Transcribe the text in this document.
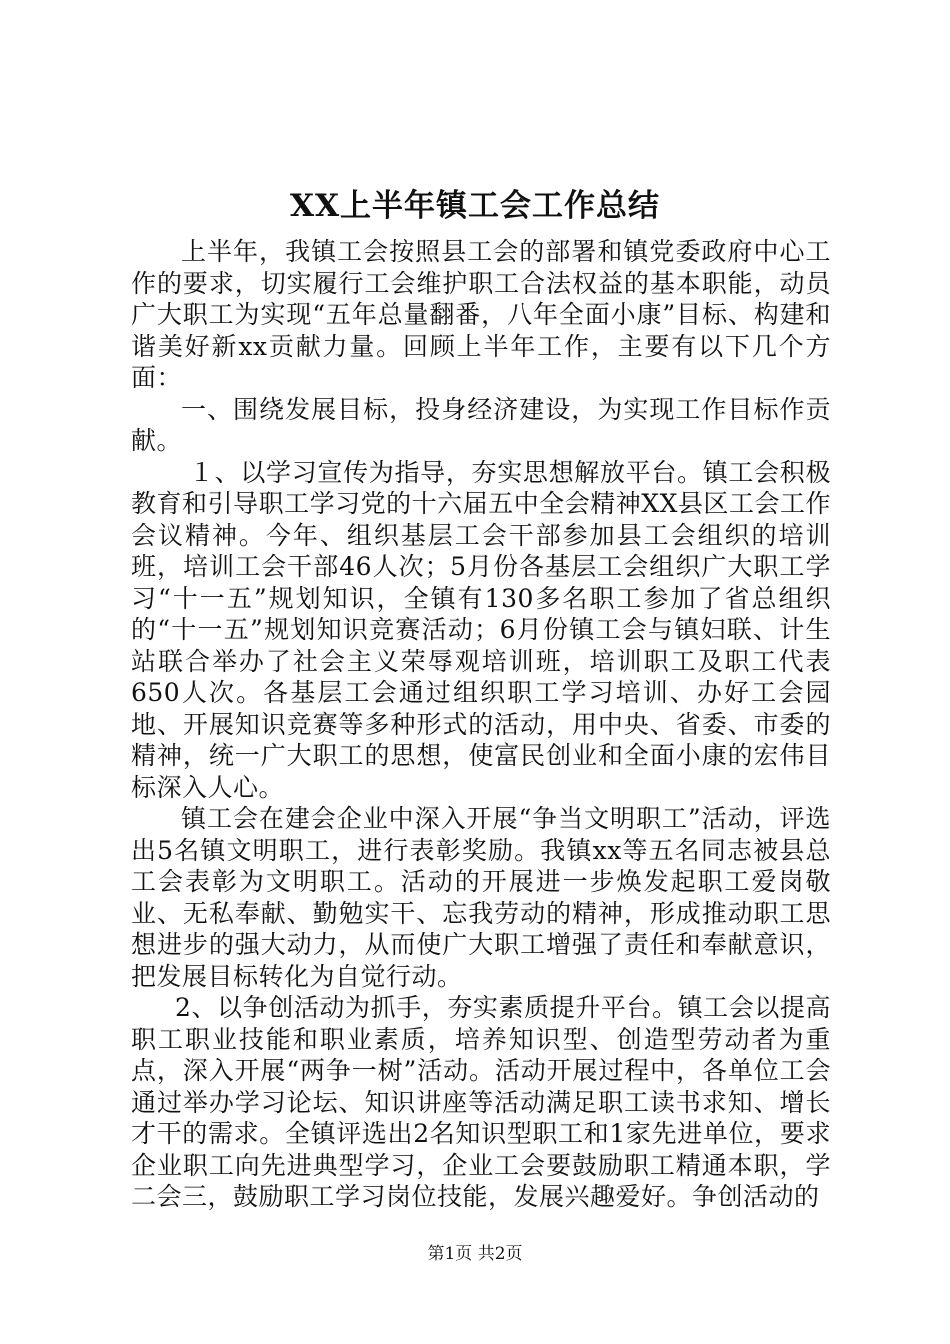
XX上半年镇工会工作总结

上半年，我镇工会按照县工会的部署和镇党委政府中心工作的要求，切实履行工会维护职工合法权益的基本职能，动员广大职工为实现“五年总量翻番，八年全面小康”目标、构建和谐美好新xx贡献力量。回顾上半年工作，主要有以下几个方面：

一、围绕发展目标，投身经济建设，为实现工作目标作贡献。

１、以学习宣传为指导，夯实思想解放平台。镇工会积极教育和引导职工学习党的十六届五中全会精神XX县区工会工作会议精神。今年、组织基层工会干部参加县工会组织的培训班，培训工会干部46人次；5月份各基层工会组织广大职工学习“十一五”规划知识，全镇有130多名职工参加了省总组织的“十一五”规划知识竞赛活动；6月份镇工会与镇妇联、计生站联合举办了社会主义荣辱观培训班，培训职工及职工代表650人次。各基层工会通过组织职工学习培训、办好工会园地、开展知识竞赛等多种形式的活动，用中央、省委、市委的精神，统一广大职工的思想，使富民创业和全面小康的宏伟目标深入人心。

镇工会在建会企业中深入开展“争当文明职工”活动，评选出5名镇文明职工，进行表彰奖励。我镇xx等五名同志被县总工会表彰为文明职工。活动的开展进一步焕发起职工爱岗敬业、无私奉献、勤勉实干、忘我劳动的精神，形成推动职工思想进步的强大动力，从而使广大职工增强了责任和奉献意识，把发展目标转化为自觉行动。

2、以争创活动为抓手，夯实素质提升平台。镇工会以提高职工职业技能和职业素质，培养知识型、创造型劳动者为重点，深入开展“两争一树”活动。活动开展过程中，各单位工会通过举办学习论坛、知识讲座等活动满足职工读书求知、增长才干的需求。全镇评选出2名知识型职工和1家先进单位，要求企业职工向先进典型学习，企业工会要鼓励职工精通本职，学二会三，鼓励职工学习岗位技能，发展兴趣爱好。争创活动的

第1页 共2页
